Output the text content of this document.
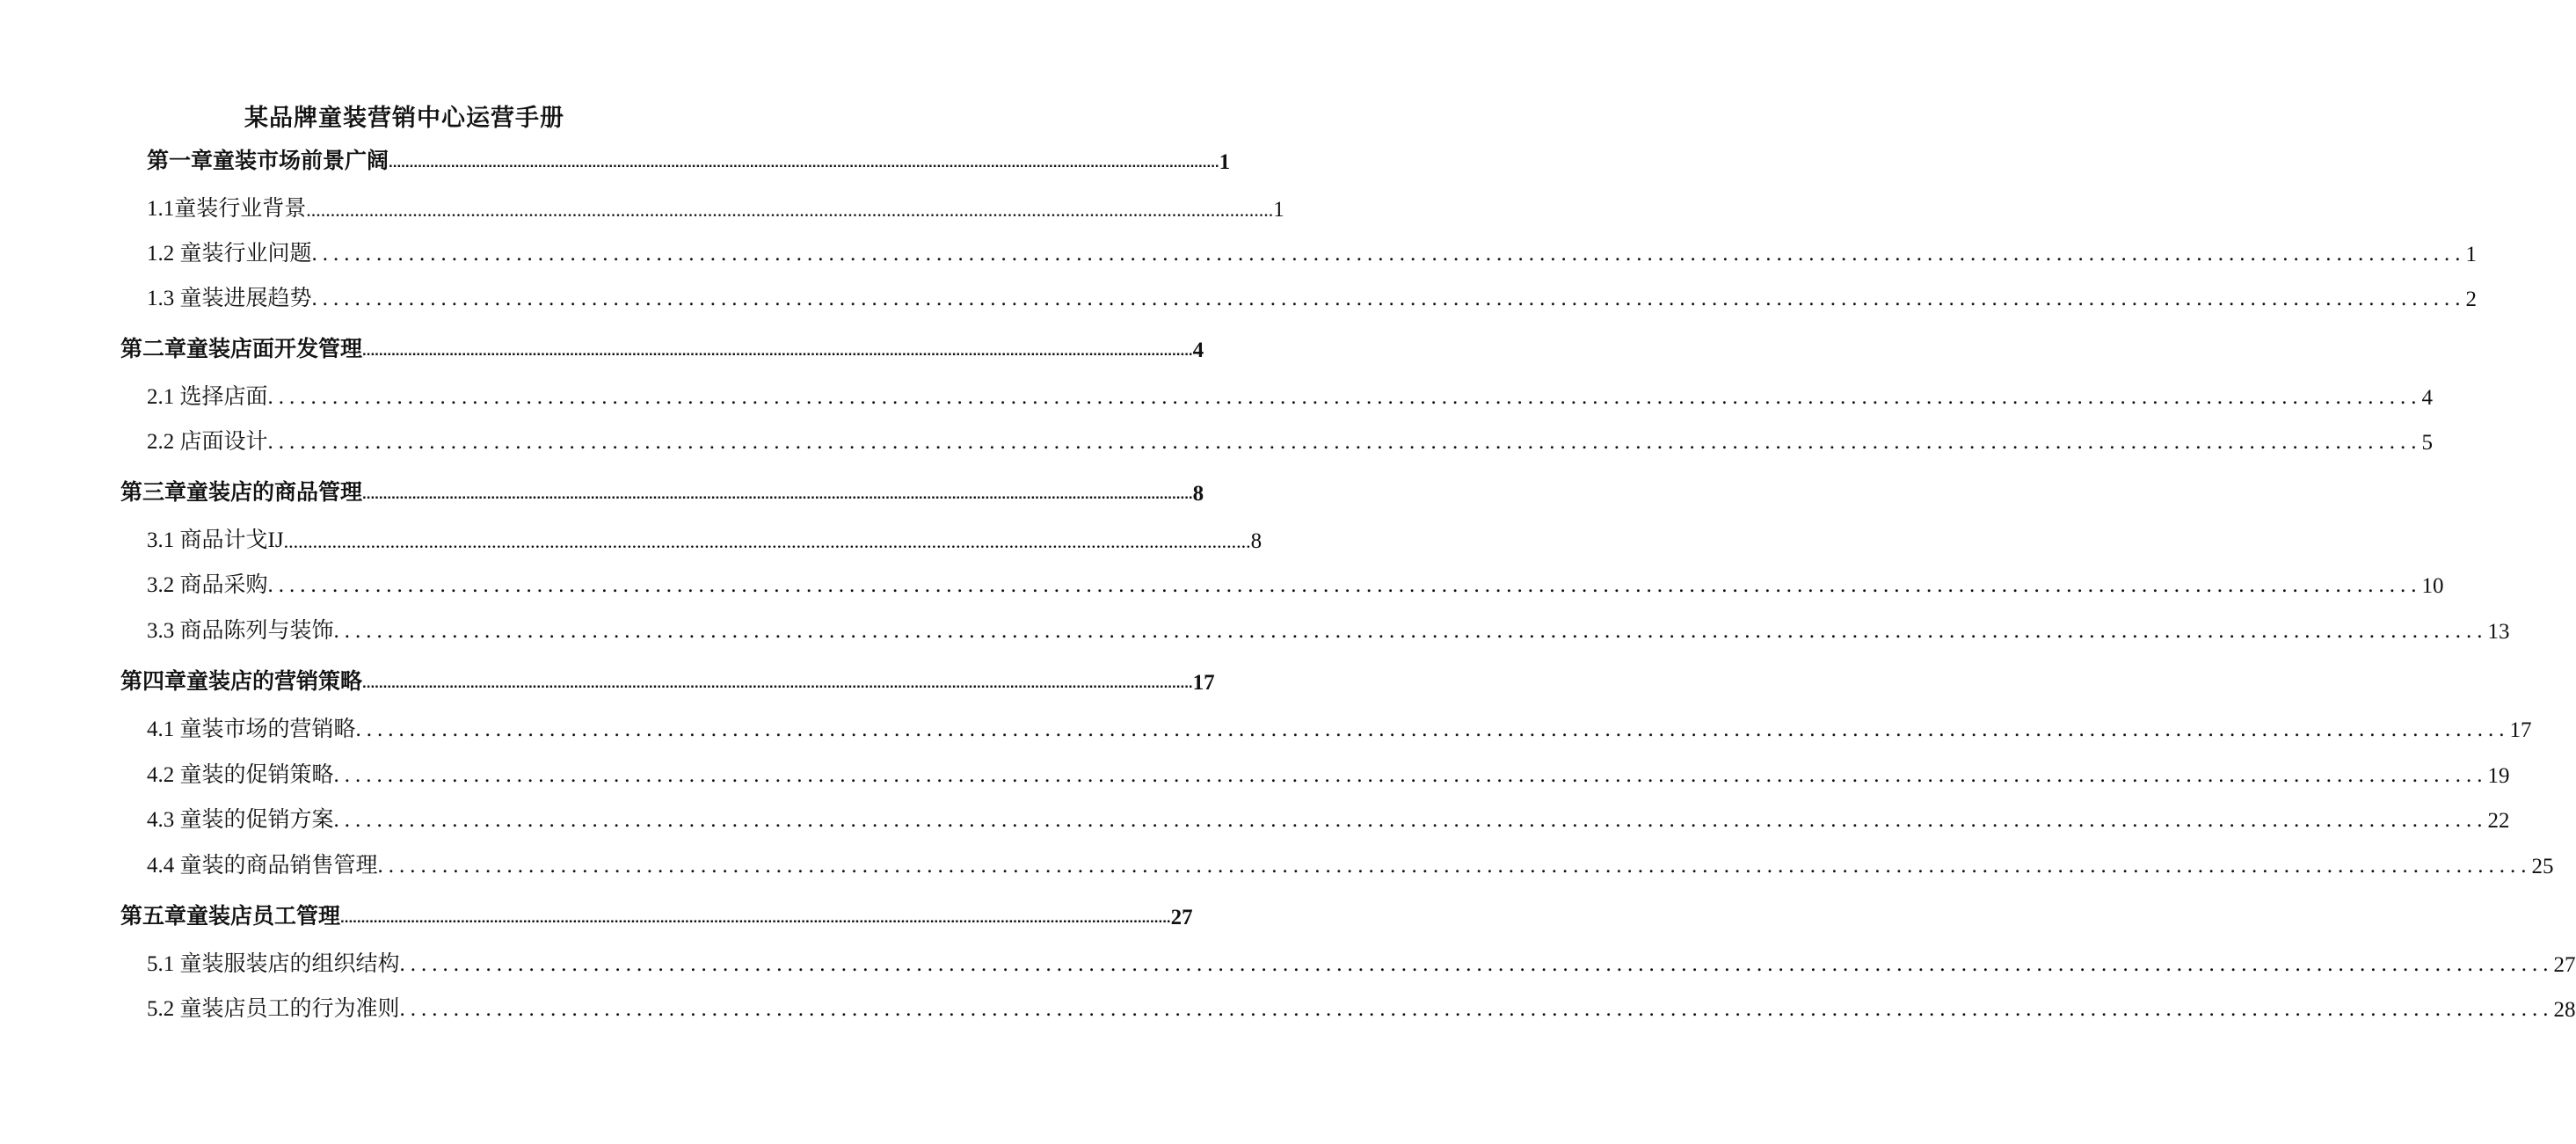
某品牌童装营销中心运营手册
第一章童装市场前景广阔 ........................................................................................................................................................................................................ 1
1.1童装行业背景 ........................................................................................................................................................................................................ 1
1.2 童装行业问题 ........................................................................................................................................................................................................ 1
1.3 童装进展趋势 ........................................................................................................................................................................................................ 2
第二章童装店面开发管理 ........................................................................................................................................................................................................ 4
2.1 选择店面 ........................................................................................................................................................................................................ 4
2.2 店面设计 ........................................................................................................................................................................................................ 5
第三章童装店的商品管理 ........................................................................................................................................................................................................ 8
3.1 商品计戈IJ ........................................................................................................................................................................................................ 8
3.2 商品采购 ........................................................................................................................................................................................................ 10
3.3 商品陈列与装饰 ........................................................................................................................................................................................................ 13
第四章童装店的营销策略 ........................................................................................................................................................................................................ 17
4.1 童装市场的营销略 ........................................................................................................................................................................................................ 17
4.2 童装的促销策略 ........................................................................................................................................................................................................ 19
4.3 童装的促销方案 ........................................................................................................................................................................................................ 22
4.4 童装的商品销售管理 ........................................................................................................................................................................................................ 25
第五章童装店员工管理 ........................................................................................................................................................................................................ 27
5.1 童装服装店的组织结构 ........................................................................................................................................................................................................ 27
5.2 童装店员工的行为准则 ........................................................................................................................................................................................................ 28
